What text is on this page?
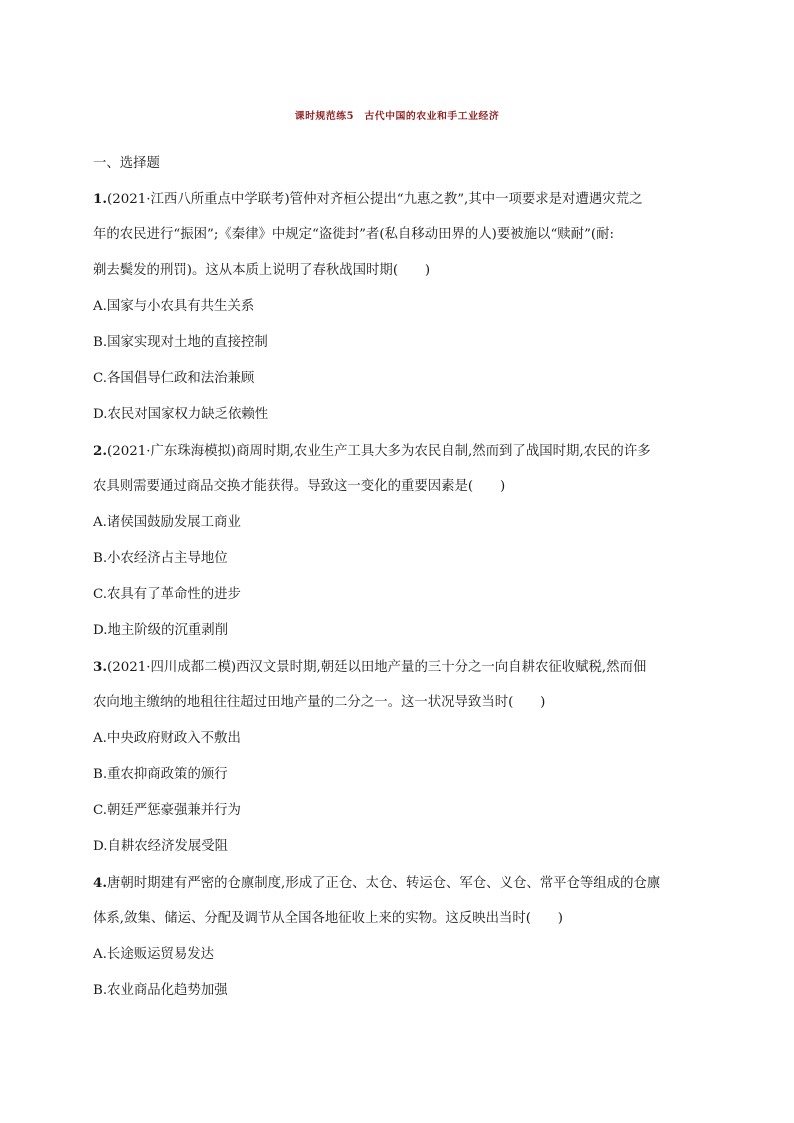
课时规范练5　古代中国的农业和手工业经济
一、选择题
1.(2021·江西八所重点中学联考)管仲对齐桓公提出“九惠之教”,其中一项要求是对遭遇灾荒之
年的农民进行“振困”;《秦律》中规定“盗徙封”者(私自移动田界的人)要被施以“赎耐”(耐:
剃去鬓发的刑罚)。这从本质上说明了春秋战国时期(　　)
A.国家与小农具有共生关系
B.国家实现对土地的直接控制
C.各国倡导仁政和法治兼顾
D.农民对国家权力缺乏依赖性
2.(2021·广东珠海模拟)商周时期,农业生产工具大多为农民自制,然而到了战国时期,农民的许多
农具则需要通过商品交换才能获得。导致这一变化的重要因素是(　　)
A.诸侯国鼓励发展工商业
B.小农经济占主导地位
C.农具有了革命性的进步
D.地主阶级的沉重剥削
3.(2021·四川成都二模)西汉文景时期,朝廷以田地产量的三十分之一向自耕农征收赋税,然而佃
农向地主缴纳的地租往往超过田地产量的二分之一。这一状况导致当时(　　)
A.中央政府财政入不敷出
B.重农抑商政策的颁行
C.朝廷严惩豪强兼并行为
D.自耕农经济发展受阻
4.唐朝时期建有严密的仓廪制度,形成了正仓、太仓、转运仓、军仓、义仓、常平仓等组成的仓廪
体系,敛集、储运、分配及调节从全国各地征收上来的实物。这反映出当时(　　)
A.长途贩运贸易发达
B.农业商品化趋势加强
